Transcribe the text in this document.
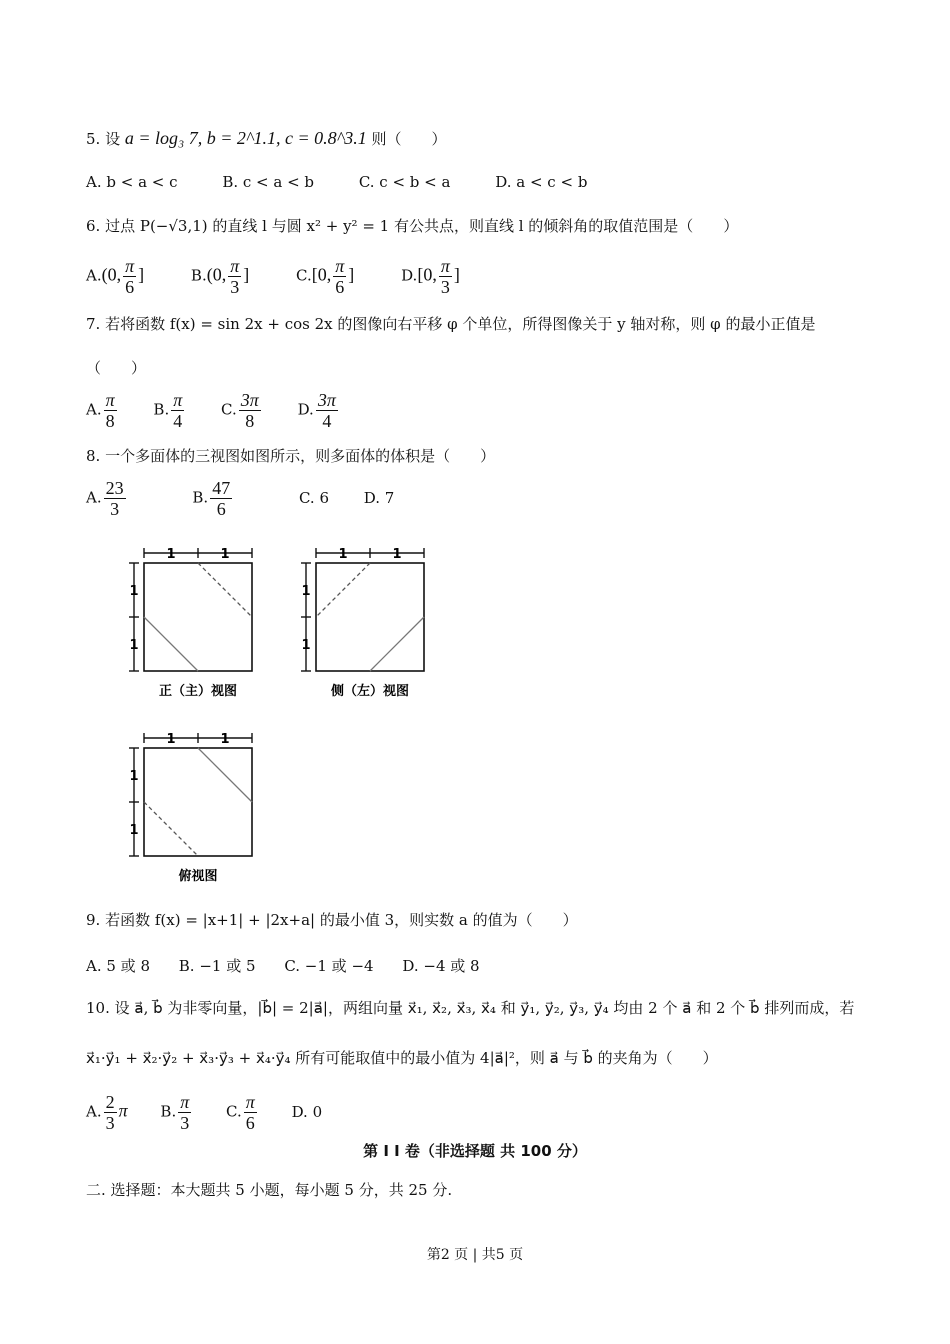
5. 设 a = log₃ 7, b = 2^1.1, c = 0.8^3.1 则（　　）
A. b < a < c	B. c < a < b	C. c < b < a	D. a < c < b
6. 过点 P(−√3,1) 的直线 l 与圆 x² + y² = 1 有公共点，则直线 l 的倾斜角的取值范围是（　　）
A.(0, $\frac{\pi}{6}$ ]	B.(0, $\frac{\pi}{3}$ ]	C.[0, $\frac{\pi}{6}$ ]	D.[0, $\frac{\pi}{3}$ ]
7. 若将函数 f(x) = sin 2x + cos 2x 的图像向右平移 φ 个单位，所得图像关于 y 轴对称，则 φ 的最小正值是
（　　）
A. $\frac{\pi}{8} B$. $\frac{\pi}{4} C$. $\frac{3\pi}{8} D$. $\frac{3\pi}{4}$
8. 一个多面体的三视图如图所示，则多面体的体积是（　　）
A. $\frac{23}{3}$	B. $\frac{47}{6}$	C. 6 D. 7
1	1
1
1
正（主）视图
1	1
1
1
侧（左）视图
1	1
1
1
俯视图
9. 若函数 f(x) = |x+1| + |2x+a| 的最小值 3，则实数 a 的值为（　　）
A. 5 或 8 B. −1 或 5 C. −1 或 −4 D. −4 或 8
10. 设 a⃗, b⃗ 为非零向量，|b⃗| = 2|a⃗|，两组向量 x⃗₁, x⃗₂, x⃗₃, x⃗₄ 和 y⃗₁, y⃗₂, y⃗₃, y⃗₄ 均由 2 个 a⃗ 和 2 个 b⃗ 排列而成，若
x⃗₁·y⃗₁ + x⃗₂·y⃗₂ + x⃗₃·y⃗₃ + x⃗₄·y⃗₄ 所有可能取值中的最小值为 4|a⃗|²，则 a⃗ 与 b⃗ 的夹角为（　　）
A. $\frac{2}{3}$ π B. $\frac{\pi}{3} C$. $\frac{\pi}{6} D$. 0
第 I I 卷（非选择题 共 100 分）
二. 选择题：本大题共 5 小题，每小题 5 分，共 25 分.
第2 页 | 共5 页
